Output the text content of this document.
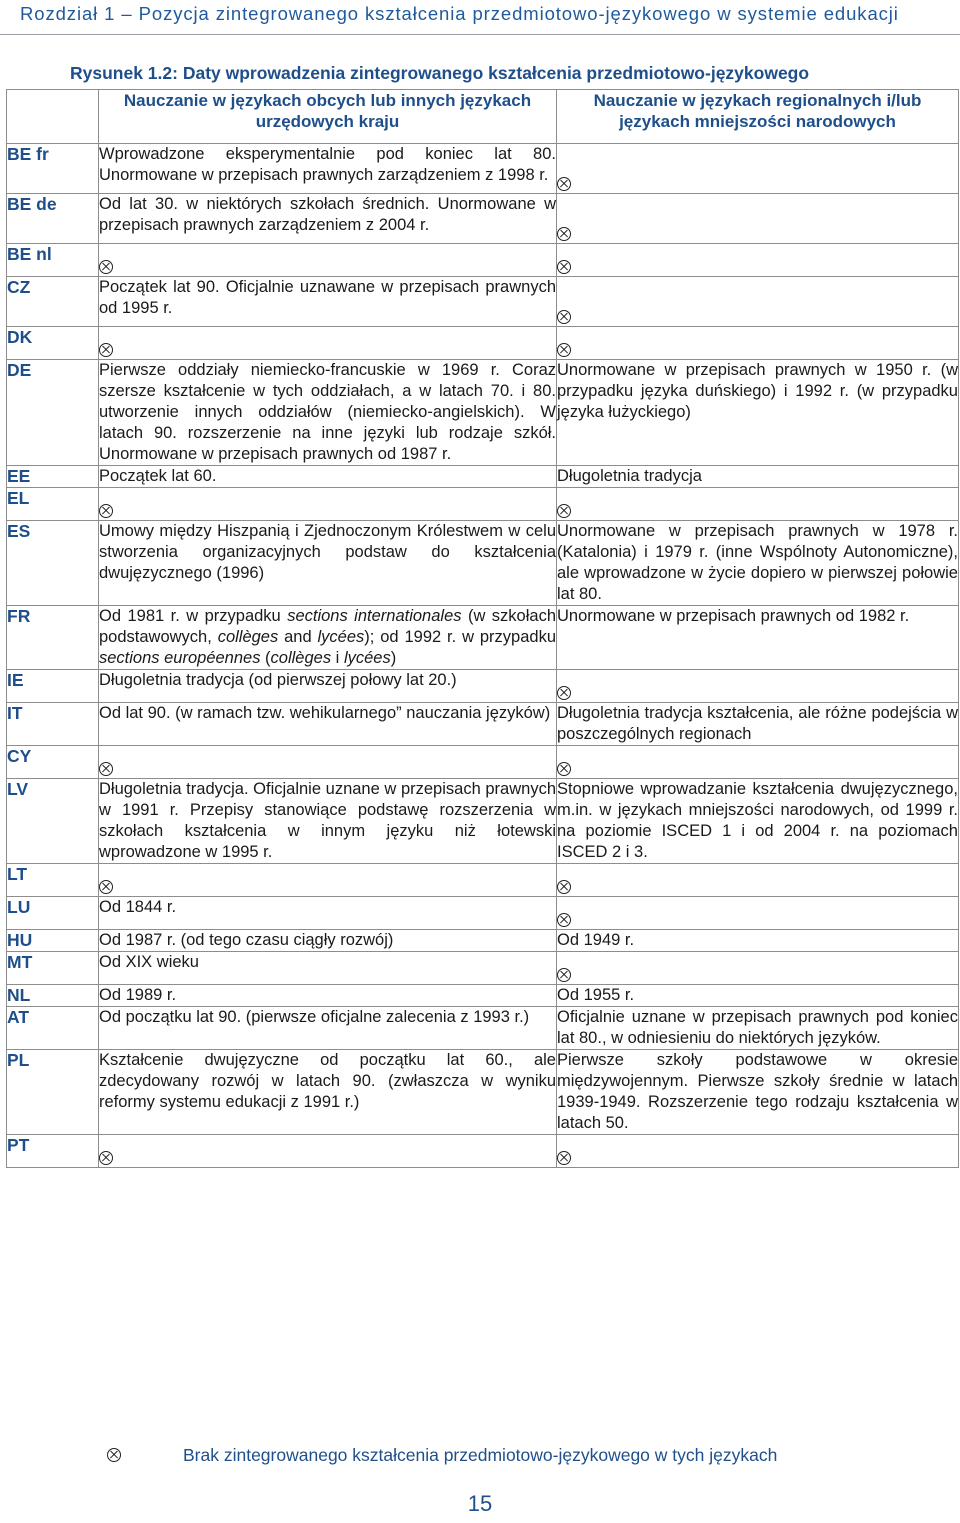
Rozdział 1 – Pozycja zintegrowanego kształcenia przedmiotowo-językowego w systemie edukacji
Rysunek 1.2: Daty wprowadzenia zintegrowanego kształcenia przedmiotowo-językowego
	Nauczanie w językach obcych lub innych językach urzędowych kraju	Nauczanie w językach regionalnych i/lub językach mniejszości narodowych
BE fr	Wprowadzone eksperymentalnie pod koniec lat 80. Unormowane w przepisach prawnych zarządzeniem z 1998 r.	
BE de	Od lat 30. w niektórych szkołach średnich. Unormowane w przepisach prawnych zarządzeniem z 2004 r.	
BE nl		
CZ	Początek lat 90. Oficjalnie uznawane w przepisach prawnych od 1995 r.	
DK		
DE	Pierwsze oddziały niemiecko-francuskie w 1969 r. Coraz szersze kształcenie w tych oddziałach, a w latach 70. i 80. utworzenie innych oddziałów (niemiecko-angielskich). W latach 90. rozszerzenie na inne języki lub rodzaje szkół. Unormowane w przepisach prawnych od 1987 r.	Unormowane w przepisach prawnych w 1950 r. (w przypadku języka duńskiego) i 1992 r. (w przypadku języka łużyckiego)
EE	Początek lat 60.	Długoletnia tradycja
EL		
ES	Umowy między Hiszpanią i Zjednoczonym Królestwem w celu stworzenia organizacyjnych podstaw do kształcenia dwujęzycznego (1996)	Unormowane w przepisach prawnych w 1978 r. (Katalonia) i 1979 r. (inne Wspólnoty Autonomiczne), ale wprowadzone w życie dopiero w pierwszej połowie lat 80.
FR	Od 1981 r. w przypadku sections internationales (w szkołach podstawowych, collèges and lycées); od 1992 r. w przypadku sections européennes (collèges i lycées)	Unormowane w przepisach prawnych od 1982 r.
IE	Długoletnia tradycja (od pierwszej połowy lat 20.)	
IT	Od lat 90. (w ramach tzw. wehikularnego” nauczania języków)	Długoletnia tradycja kształcenia, ale różne podejścia w poszczególnych regionach
CY		
LV	Długoletnia tradycja. Oficjalnie uznane w przepisach prawnych w 1991 r. Przepisy stanowiące podstawę rozszerzenia w szkołach kształcenia w innym języku niż łotewski wprowadzone w 1995 r.	Stopniowe wprowadzanie kształcenia dwujęzycznego, m.in. w językach mniejszości narodowych, od 1999 r. na poziomie ISCED 1 i od 2004 r. na poziomach ISCED 2 i 3.
LT		
LU	Od 1844 r.	
HU	Od 1987 r. (od tego czasu ciągły rozwój)	Od 1949 r.
MT	Od XIX wieku	
NL	Od 1989 r.	Od 1955 r.
AT	Od początku lat 90. (pierwsze oficjalne zalecenia z 1993 r.)	Oficjalnie uznane w przepisach prawnych pod koniec lat 80., w odniesieniu do niektórych języków.
PL	Kształcenie dwujęzyczne od początku lat 60., ale zdecydowany rozwój w latach 90. (zwłaszcza w wyniku reformy systemu edukacji z 1991 r.)	Pierwsze szkoły podstawowe w okresie międzywojennym. Pierwsze szkoły średnie w latach 1939-1949. Rozszerzenie tego rodzaju kształcenia w latach 50.
PT		
Brak zintegrowanego kształcenia przedmiotowo-językowego w tych językach
15
